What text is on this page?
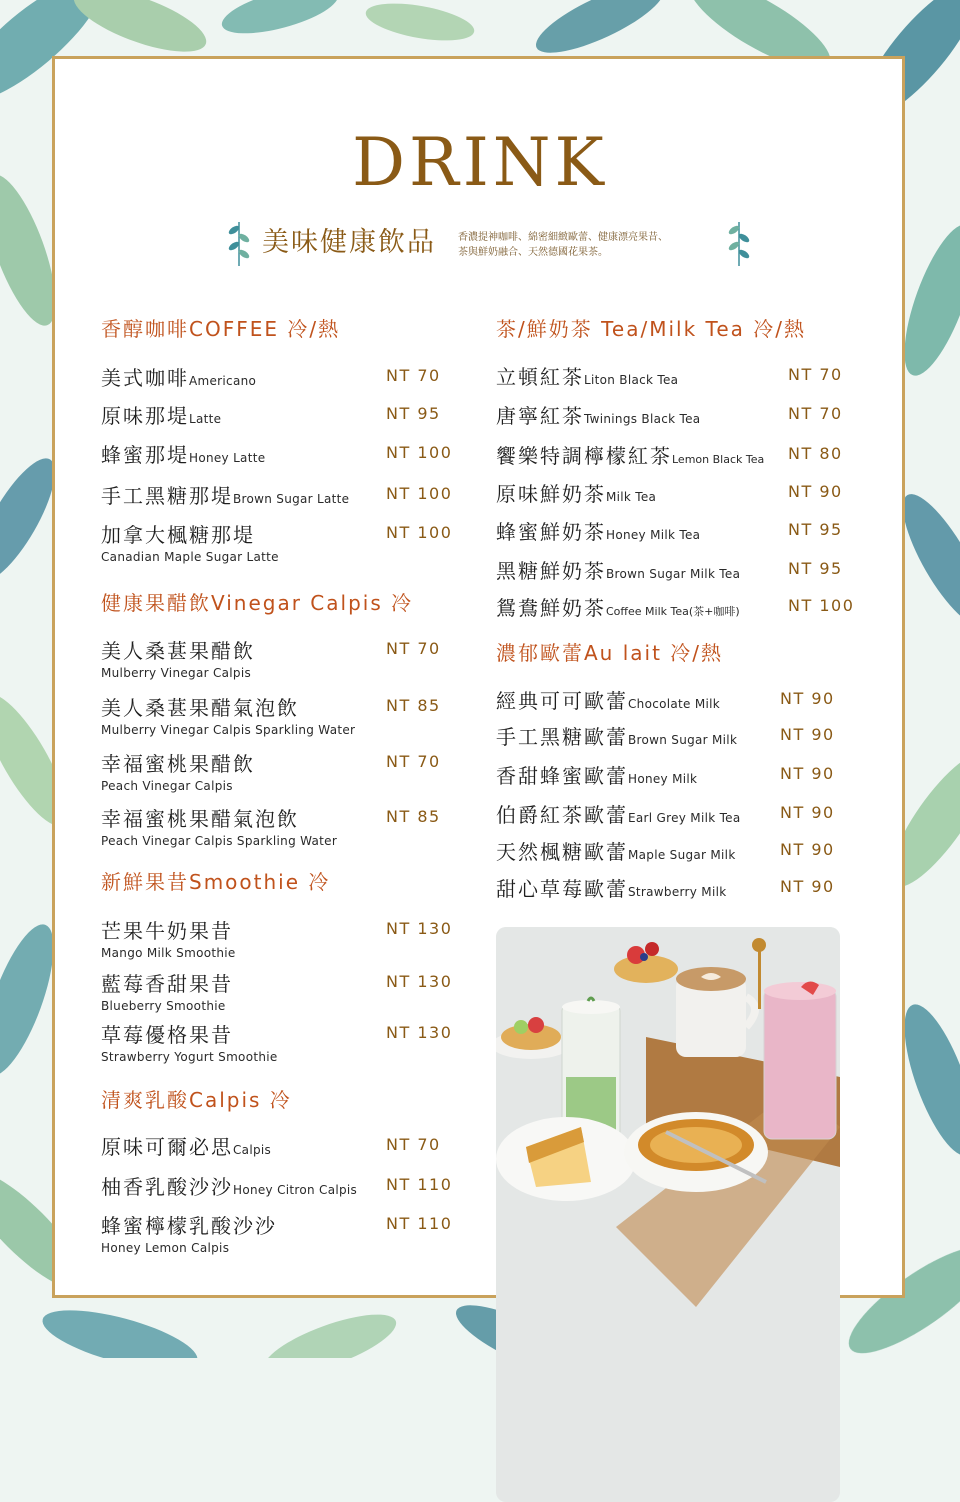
DRINK
美味健康飲品 香濃提神咖啡、綿密細緻歐蕾、健康漂亮果昔、
茶與鮮奶融合、天然德國花果茶。
香醇咖啡COFFEE 冷/熱
美式咖啡Americano	NT 70
原味那堤Latte	NT 95
蜂蜜那堤Honey Latte	NT 100
手工黑糖那堤Brown Sugar Latte NT 100
加拿大楓糖那堤
Canadian Maple Sugar Latte
NT 100
健康果醋飲Vinegar Calpis 冷
美人桑葚果醋飲
Mulberry Vinegar Calpis
NT 70
美人桑葚果醋氣泡飲
Mulberry Vinegar Calpis Sparkling Water
NT 85
幸福蜜桃果醋飲
Peach Vinegar Calpis
NT 70
幸福蜜桃果醋氣泡飲
Peach Vinegar Calpis Sparkling Water
NT 85
新鮮果昔Smoothie 冷
芒果牛奶果昔
Mango Milk Smoothie
NT 130
藍莓香甜果昔
Blueberry Smoothie
NT 130
草莓優格果昔
Strawberry Yogurt Smoothie
NT 130
清爽乳酸Calpis 冷
原味可爾必思Calpis	NT 70
柚香乳酸沙沙Honey Citron Calpis NT 110
蜂蜜檸檬乳酸沙沙
Honey Lemon Calpis
NT 110
茶/鮮奶茶 Tea/Milk Tea 冷/熱
立頓紅茶Liton Black Tea	NT 70
唐寧紅茶Twinings Black Tea	NT 70
饗樂特調檸檬紅茶Lemon Black Tea NT 80
原味鮮奶茶Milk Tea	NT 90
蜂蜜鮮奶茶Honey Milk Tea	NT 95
黑糖鮮奶茶Brown Sugar Milk Tea	NT 95
鴛鴦鮮奶茶Coffee Milk Tea(茶+咖啡)	NT 100
濃郁歐蕾Au lait 冷/熱
經典可可歐蕾Chocolate Milk	NT 90
手工黑糖歐蕾Brown Sugar Milk	NT 90
香甜蜂蜜歐蕾Honey Milk	NT 90
伯爵紅茶歐蕾Earl Grey Milk Tea NT 90
天然楓糖歐蕾Maple Sugar Milk	NT 90
甜心草莓歐蕾Strawberry Milk	NT 90
